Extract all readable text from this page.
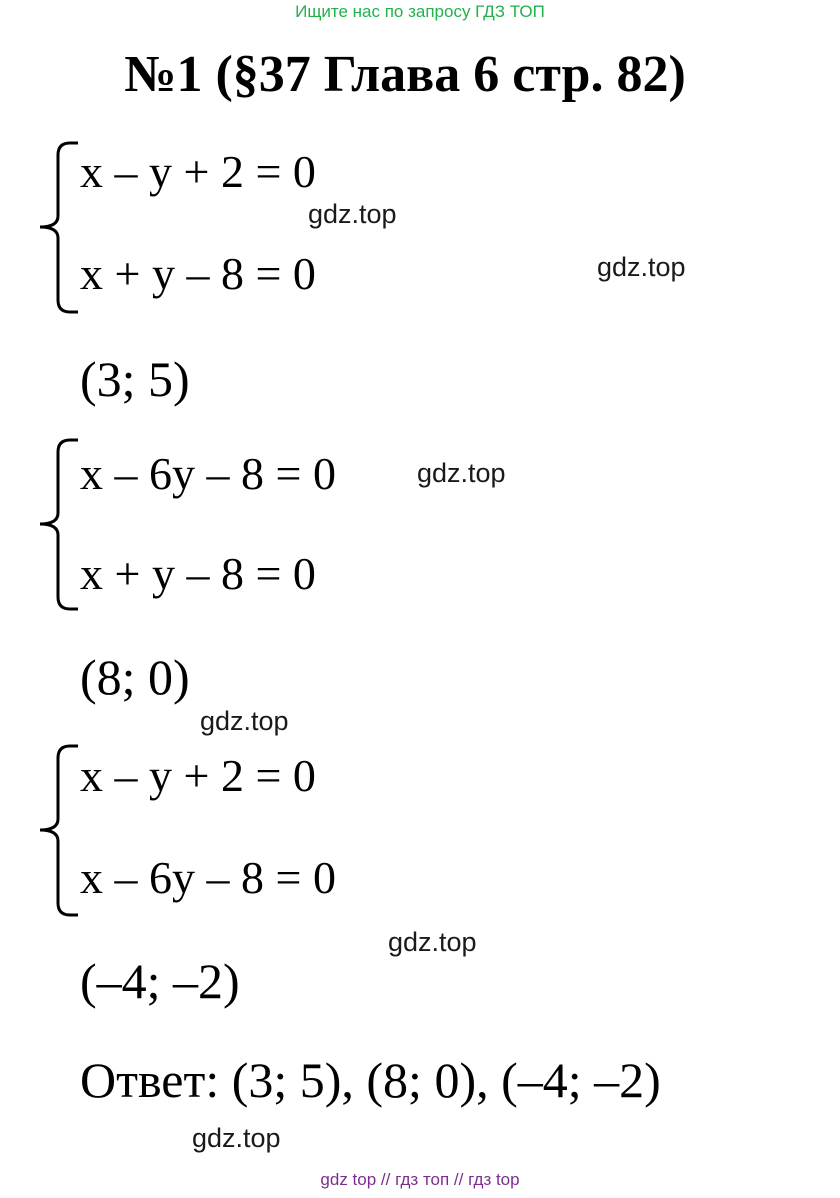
Ищите нас по запросу ГДЗ ТОП
№1 (§37 Глава 6 стр. 82)
x – y + 2 = 0
x + y – 8 = 0
(3; 5)
x – 6y – 8 = 0
x + y – 8 = 0
(8; 0)
x – y + 2 = 0
x – 6y – 8 = 0
(–4; –2)
Ответ: (3; 5), (8; 0), (–4; –2)
gdz.top
gdz.top
gdz.top
gdz.top
gdz.top
gdz.top
gdz top // гдз топ // гдз top
